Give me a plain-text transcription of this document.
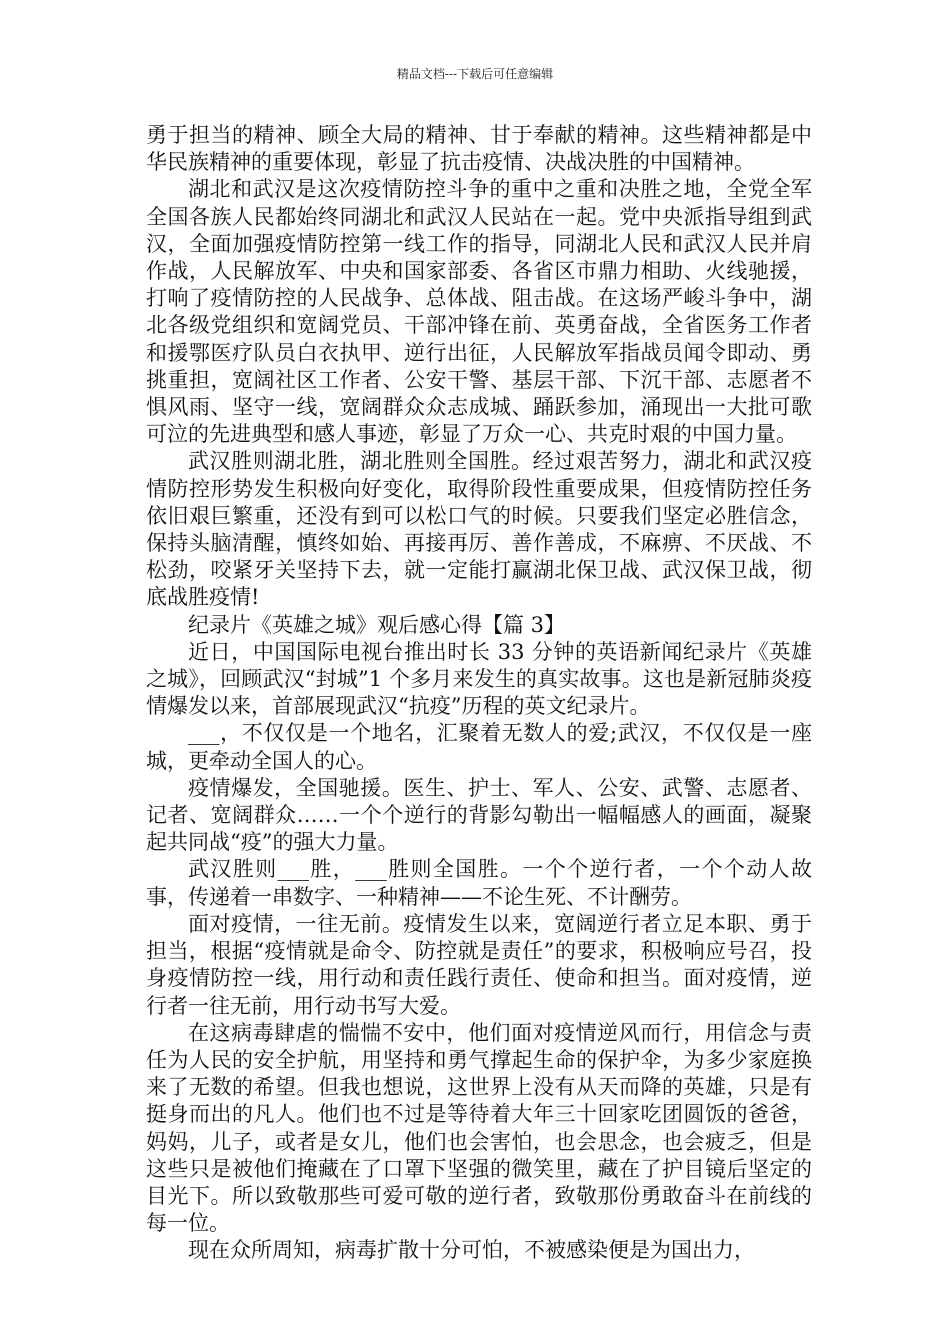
精品文档---下载后可任意编辑

勇于担当的精神、顾全大局的精神、甘于奉献的精神。这些精神都是中华民族精神的重要体现，彰显了抗击疫情、决战决胜的中国精神。

湖北和武汉是这次疫情防控斗争的重中之重和决胜之地，全党全军全国各族人民都始终同湖北和武汉人民站在一起。党中央派指导组到武汉，全面加强疫情防控第一线工作的指导，同湖北人民和武汉人民并肩作战，人民解放军、中央和国家部委、各省区市鼎力相助、火线驰援，打响了疫情防控的人民战争、总体战、阻击战。在这场严峻斗争中，湖北各级党组织和宽阔党员、干部冲锋在前、英勇奋战，全省医务工作者和援鄂医疗队员白衣执甲、逆行出征，人民解放军指战员闻令即动、勇挑重担，宽阔社区工作者、公安干警、基层干部、下沉干部、志愿者不惧风雨、坚守一线，宽阔群众众志成城、踊跃参加，涌现出一大批可歌可泣的先进典型和感人事迹，彰显了万众一心、共克时艰的中国力量。

武汉胜则湖北胜，湖北胜则全国胜。经过艰苦努力，湖北和武汉疫情防控形势发生积极向好变化，取得阶段性重要成果，但疫情防控任务依旧艰巨繁重，还没有到可以松口气的时候。只要我们坚定必胜信念，保持头脑清醒，慎终如始、再接再厉、善作善成，不麻痹、不厌战、不松劲，咬紧牙关坚持下去，就一定能打赢湖北保卫战、武汉保卫战，彻底战胜疫情!

纪录片《英雄之城》观后感心得【篇 3】

近日，中国国际电视台推出时长 33 分钟的英语新闻纪录片《英雄之城》，回顾武汉“封城”1 个多月来发生的真实故事。这也是新冠肺炎疫情爆发以来，首部展现武汉“抗疫”历程的英文纪录片。

___，不仅仅是一个地名，汇聚着无数人的爱;武汉，不仅仅是一座城，更牵动全国人的心。

疫情爆发，全国驰援。医生、护士、军人、公安、武警、志愿者、记者、宽阔群众……一个个逆行的背影勾勒出一幅幅感人的画面，凝聚起共同战“疫”的强大力量。

武汉胜则___胜，___胜则全国胜。一个个逆行者，一个个动人故事，传递着一串数字、一种精神——不论生死、不计酬劳。

面对疫情，一往无前。疫情发生以来，宽阔逆行者立足本职、勇于担当，根据“疫情就是命令、防控就是责任”的要求，积极响应号召，投身疫情防控一线，用行动和责任践行责任、使命和担当。面对疫情，逆行者一往无前，用行动书写大爱。

在这病毒肆虐的惴惴不安中，他们面对疫情逆风而行，用信念与责任为人民的安全护航，用坚持和勇气撑起生命的保护伞，为多少家庭换来了无数的希望。但我也想说，这世界上没有从天而降的英雄，只是有挺身而出的凡人。他们也不过是等待着大年三十回家吃团圆饭的爸爸，妈妈，儿子，或者是女儿，他们也会害怕，也会思念，也会疲乏，但是这些只是被他们掩藏在了口罩下坚强的微笑里，藏在了护目镜后坚定的目光下。所以致敬那些可爱可敬的逆行者，致敬那份勇敢奋斗在前线的每一位。

现在众所周知，病毒扩散十分可怕，不被感染便是为国出力，
